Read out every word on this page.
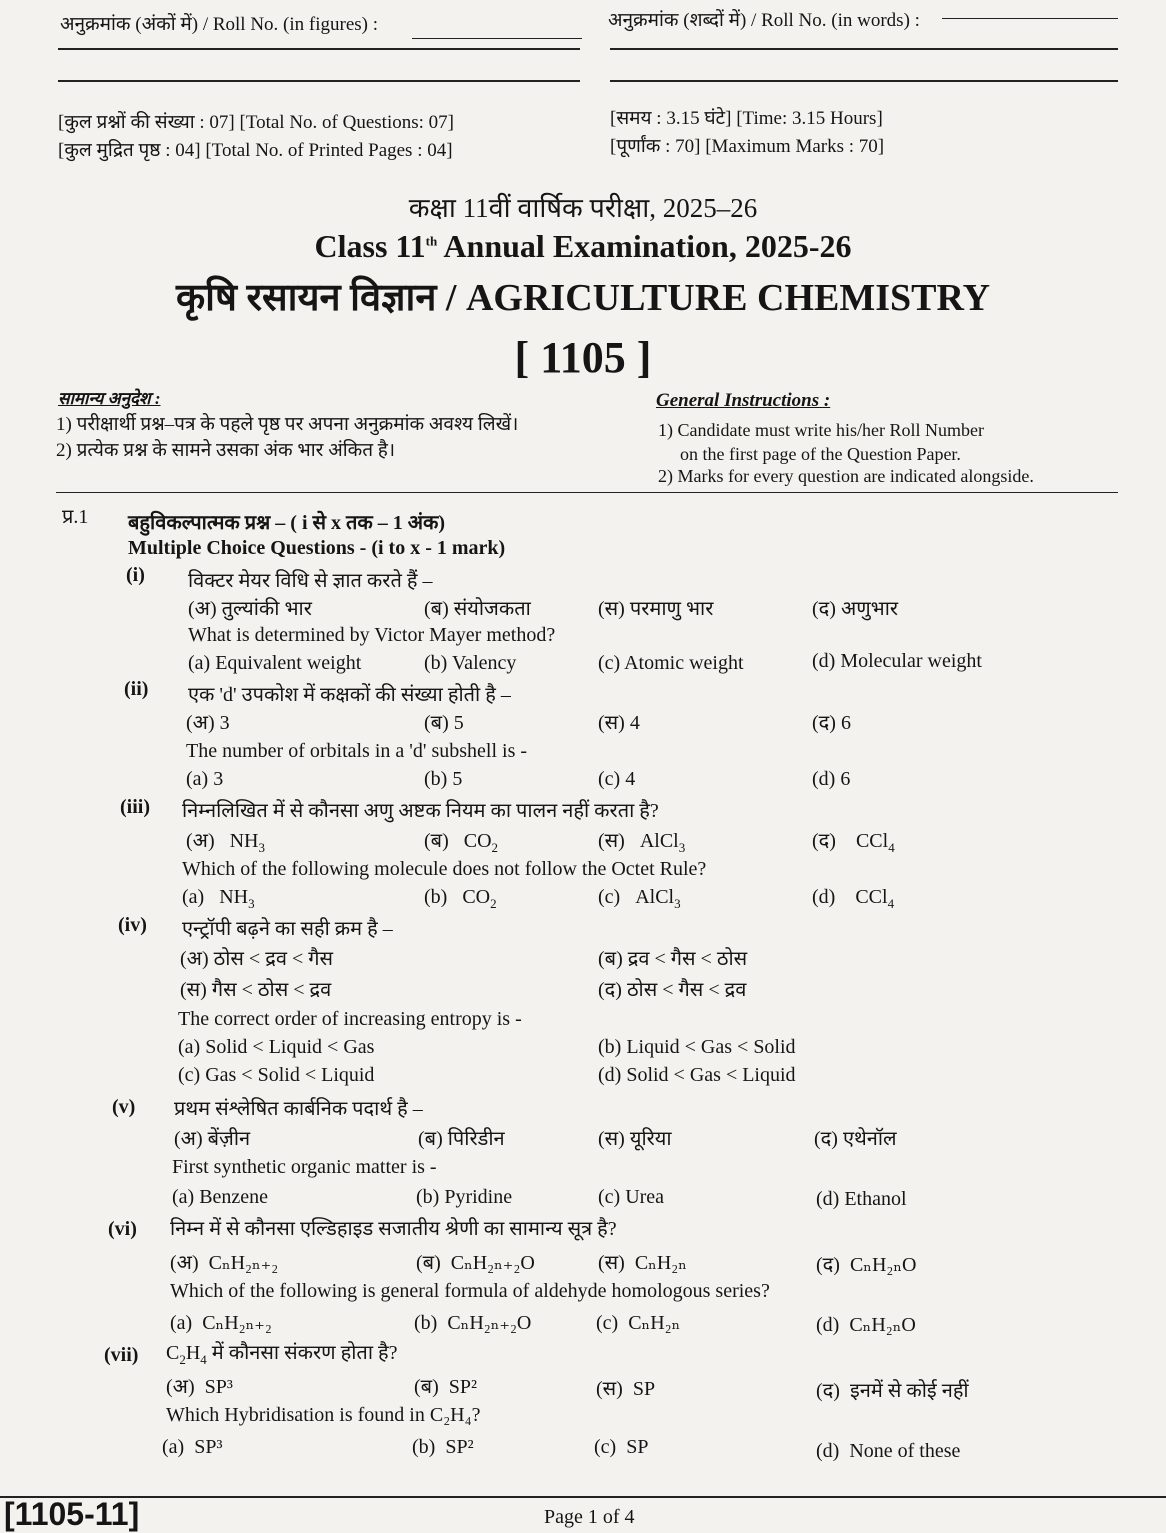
अनुक्रमांक (अंकों में) / Roll No. (in figures) :	अनुक्रमांक (शब्दों में) / Roll No. (in words) :
[कुल प्रश्नों की संख्या : 07] [Total No. of Questions: 07]
[कुल मुद्रित पृष्ठ : 04] [Total No. of Printed Pages : 04]
[समय : 3.15 घंटे] [Time: 3.15 Hours]
[पूर्णांक : 70] [Maximum Marks : 70]
कक्षा 11वीं वार्षिक परीक्षा, 2025–26
Class 11th Annual Examination, 2025-26
कृषि रसायन विज्ञान / AGRICULTURE CHEMISTRY
[ 1105 ]
सामान्य अनुदेश :
1) परीक्षार्थी प्रश्न–पत्र के पहले पृष्ठ पर अपना अनुक्रमांक अवश्य लिखें।
2) प्रत्येक प्रश्न के सामने उसका अंक भार अंकित है।
General Instructions :
1) Candidate must write his/her Roll Number
on the first page of the Question Paper.
2) Marks for every question are indicated alongside.
प्र.1 बहुविकल्पात्मक प्रश्न – ( i से x तक – 1 अंक)
Multiple Choice Questions - (i to x - 1 mark)
(i) विक्टर मेयर विधि से ज्ञात करते हैं –
(अ) तुल्यांकी भार	(ब) संयोजकता	(स) परमाणु भार	(द) अणुभार
What is determined by Victor Mayer method?
(a) Equivalent weight	(b) Valency	(c) Atomic weight	(d) Molecular weight
(ii) एक 'd' उपकोश में कक्षकों की संख्या होती है –
(अ) 3	(ब) 5	(स) 4	(द) 6
The number of orbitals in a 'd' subshell is -
(a) 3	(b) 5	(c) 4	(d) 6
(iii) निम्नलिखित में से कौनसा अणु अष्टक नियम का पालन नहीं करता है?
(अ) $NH_3$	(ब) $CO_2$	(स) AlCl$_3$	(द) CCl$_4$
Which of the following molecule does not follow the Octet Rule?
(a) $NH_3$	(b) $CO_2$	(c) AlCl$_3$	(d) CCl$_4$
(iv) एन्ट्रॉपी बढ़ने का सही क्रम है –
(अ) ठोस < द्रव < गैस	(ब) द्रव < गैस < ठोस
(स) गैस < ठोस < द्रव	(द) ठोस < गैस < द्रव
The correct order of increasing entropy is -
(a) Solid < Liquid < Gas	(b) Liquid < Gas < Solid
(c) Gas < Solid < Liquid	(d) Solid < Gas < Liquid
(v) प्रथम संश्लेषित कार्बनिक पदार्थ है –
(अ) बेंज़ीन	(ब) पिरिडीन	(स) यूरिया	(द) एथेनॉल
First synthetic organic matter is -
(a) Benzene	(b) Pyridine	(c) Urea	(d) Ethanol
(vi) निम्न में से कौनसा एल्डिहाइड सजातीय श्रेणी का सामान्य सूत्र है?
(अ) CₙH₂ₙ₊₂	(ब) CₙH₂ₙ₊₂O	(स) CₙH₂ₙ	(द) CₙH₂ₙO
Which of the following is general formula of aldehyde homologous series?
(a) CₙH₂ₙ₊₂	(b) CₙH₂ₙ₊₂O	(c) CₙH₂ₙ	(d) CₙH₂ₙO
(vii) $C_2H_4$ में कौनसा संकरण होता है?
(अ) SP³	(ब) SP²	(स) SP	(द) इनमें से कोई नहीं
Which Hybridisation is found in C₂H₄?
(a) SP³	(b) SP²	(c) SP	(d) None of these
[1105-11]	Page 1 of 4
